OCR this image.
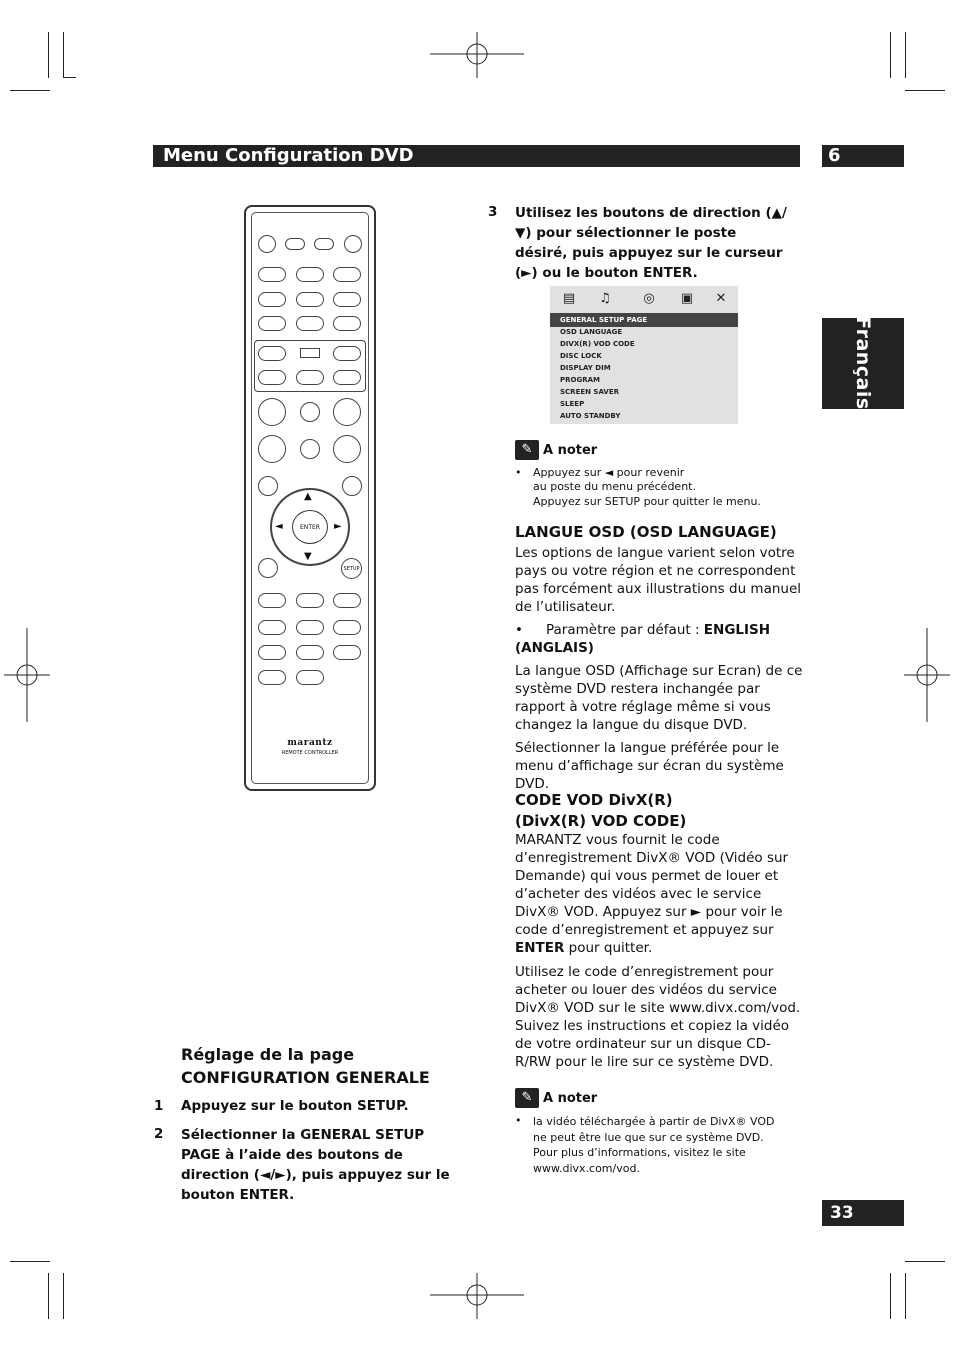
Menu Configuration DVD	6
Français
▲
▼
◄	►
ENTER
SETUP
marantz
REMOTE CONTROLLER
Réglage de la page CONFIGURATION GENERALE
1 Appuyez sur le bouton SETUP.
2 Sélectionner la GENERAL SETUP PAGE à l’aide des boutons de direction (◄/►), puis appuyez sur le bouton ENTER.
3 Utilisez les boutons de direction (▲/▼) pour sélectionner le poste désiré, puis appuyez sur le curseur (►) ou le bouton ENTER.
▤ ♫	◎ ▣ ✕
GENERAL SETUP PAGE
OSD LANGUAGE
DIVX(R) VOD CODE
DISC LOCK
DISPLAY DIM
PROGRAM
SCREEN SAVER
SLEEP
AUTO STANDBY
✎ A noter
• Appuyez sur ◄ pour revenir
au poste du menu précédent.
Appuyez sur SETUP pour quitter le menu.
LANGUE OSD (OSD LANGUAGE)
Les options de langue varient selon votre pays ou votre région et ne correspondent pas forcément aux illustrations du manuel de l’utilisateur.
•	Paramètre par défaut : ENGLISH (ANGLAIS)
La langue OSD (Affichage sur Ecran) de ce système DVD restera inchangée par rapport à votre réglage même si vous changez la langue du disque DVD.
Sélectionner la langue préférée pour le menu d’affichage sur écran du système DVD.
CODE VOD DivX(R)
(DivX(R) VOD CODE)
MARANTZ vous fournit le code d’enregistrement DivX® VOD (Vidéo sur Demande) qui vous permet de louer et d’acheter des vidéos avec le service DivX® VOD. Appuyez sur ► pour voir le code d’enregistrement et appuyez sur ENTER pour quitter.
Utilisez le code d’enregistrement pour acheter ou louer des vidéos du service DivX® VOD sur le site www.divx.com/vod. Suivez les instructions et copiez la vidéo de votre ordinateur sur un disque CD-R/RW pour le lire sur ce système DVD.
✎ A noter
• la vidéo téléchargée à partir de DivX® VOD ne peut être lue que sur ce système DVD. Pour plus d’informations, visitez le site www.divx.com/vod.
33
